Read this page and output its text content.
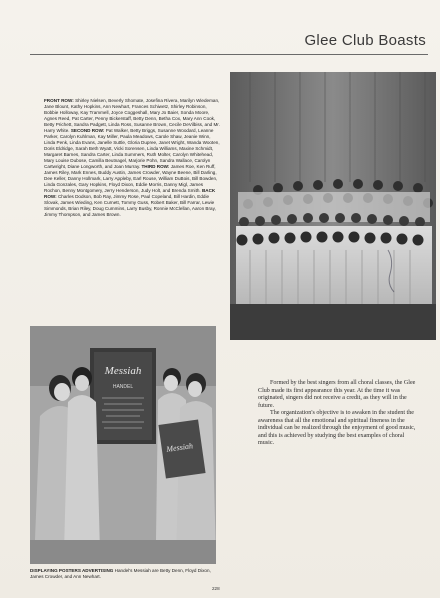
Glee Club Boasts
FRONT ROW: Shirley Nielsen, Beverly Shomate, Josefina Rivera, Marilyn Wiedeman, Jane Blount, Kathy Hopkins, Ann Newhart, Frances Schiwetz, Shirley Robinson, Bobbie Holloway, Kay Trammell, Joyce Coggeshall, Mary Jo Baier, Sonda Moore, Agnes Reed, Pat Carter, Penny Bickerstaff, Betty Denn, Betha Cox, Mary Ann Cook, Betty Prichett, Sandra Padgett, Linda Ross, Susanne Brown, Cecile DeVilbiss, and Mr. Harry White. SECOND ROW: Pat Walker, Betty Briggs, Susanne Woodard, Leanne Parker, Carolyn Kuhlman, Kay Miller, Paula Meadows, Carole Shaw, Jeanie Winn, Linda Penk, Linda Evans, Janelle Suttle, Gloria Dupree, Janet Wright, Wanda Wooten, Doris Eldridge, Sarah Beth Wyatt, Vicki Sorensen, Linda Williams, Maxine Schmidt, Margaret Barnes, Sandra Carter, Linda Summers, Ruth Molter, Carolyn Whitehead, Mary Louise Dubose, Camilla Beutnagel, Marjorie Pohn, Sandra Wallace, Carolyn Cartwright, Diane Longworth, and Joan Murray. THIRD ROW: James Roe, Ken Ruff, James Riley, Mark Ennes, Buddy Austin, James Crowder, Wayne Beene, Bill Darling, Dee Keller, Danny Hollmark, Larry Appleby, Earl Rouse, William DuBois, Bill Bowden, Linda Gonzales, Gary Hopkins, Floyd Dixon, Eddie Morris, Danny Migl, James Rochon, Benny Montgomery, Jerry Henderson, Judy Holt, and Brenda Smith. BACK ROW: Charles Dodson, Bob Ray, Jimmy Rose, Paul Copeland, Bill Hardin, Eddie Slovak, James Wieding, Ken Curnett, Tommy Guss, Robert Baker, Bill Farrar, Lewie Simmonds, Brian Riley, Doug Cummins, Larry Busby, Ronnie McClellan, Aaron Bray, Jimmy Thompson, and James Brown.
Messiah
HANDEL
Messiah

Formed by the best singers from all choral classes, the Glee Club made its first appearance this year. At the time it was originated, singers did not receive a credit, as they will in the future.

The organization's objective is to awaken in the student the awareness that all the emotional and spiritual fineness in the individual can be realized through the enjoyment of good music, and this is achieved by studying the best examples of choral music.

DISPLAYING POSTERS ADVERTISING Handel's Messiah are Betty Denn, Floyd Dixon, James Crowder, and Ann Newhart.
228
